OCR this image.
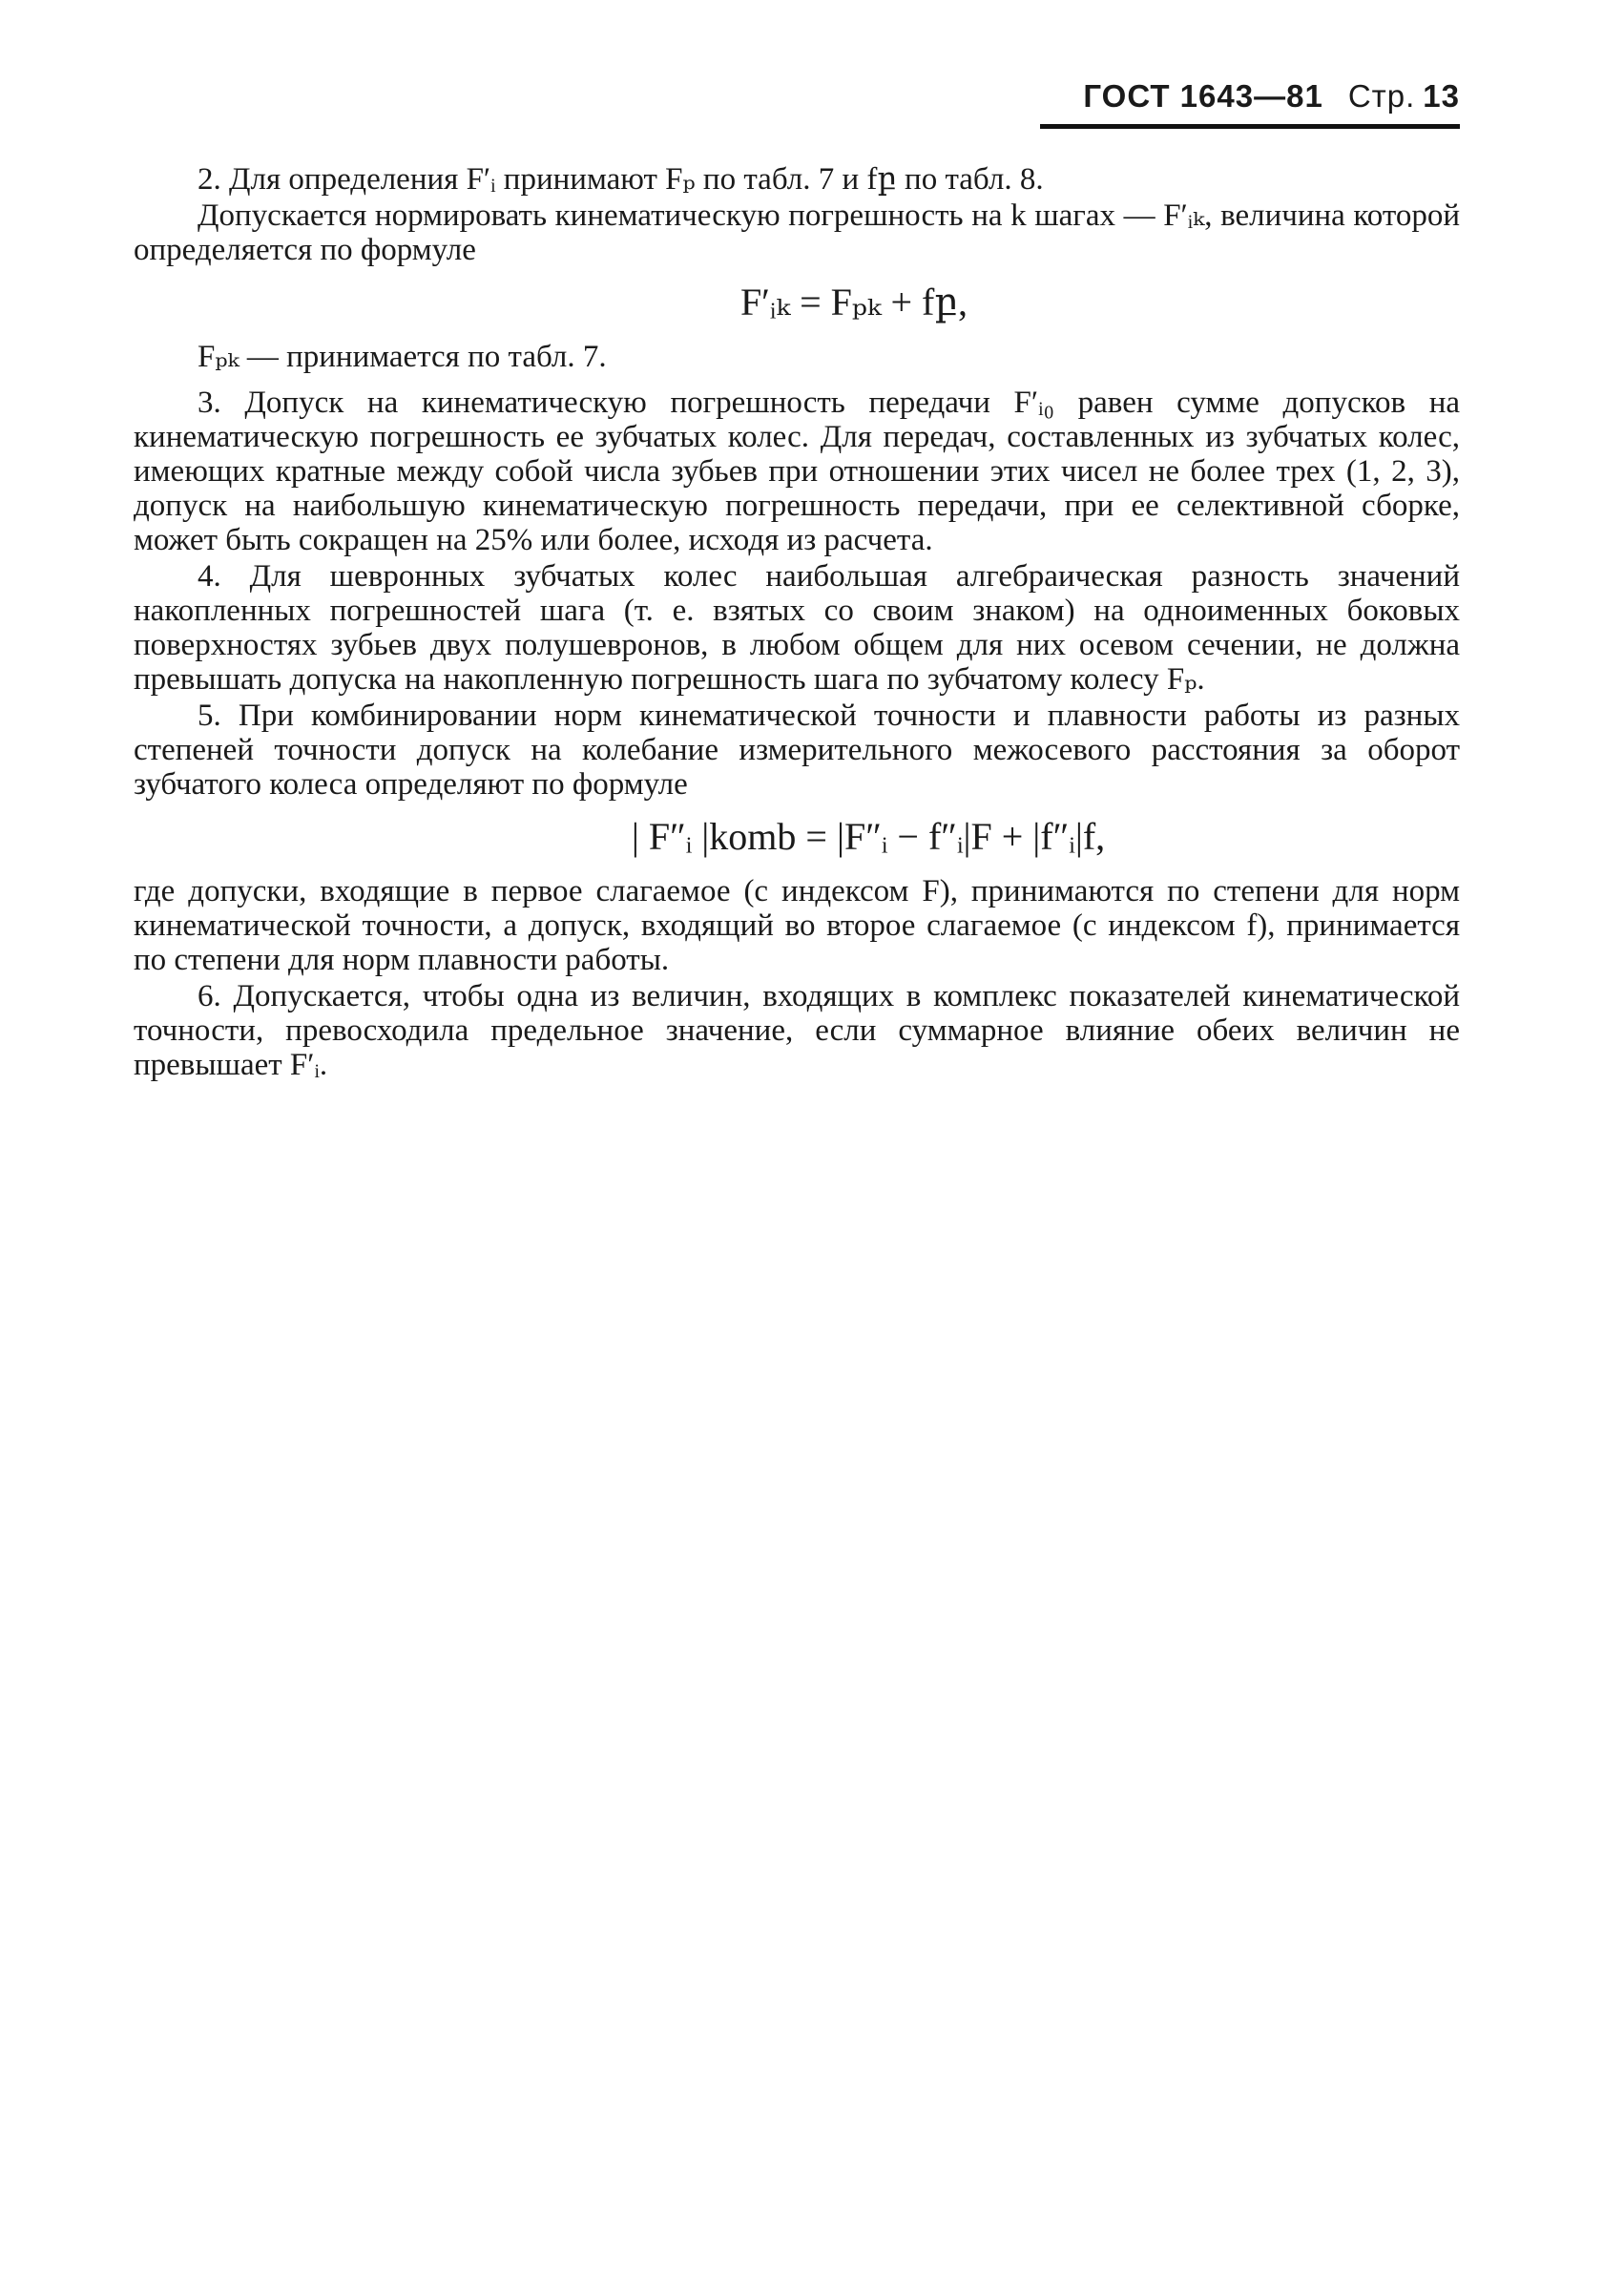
ГОСТ 1643—81 Стр. 13

2. Для определения F′ᵢ принимают Fₚ по табл. 7 и fբ по табл. 8.

Допускается нормировать кинематическую погрешность на k шагах — F′ᵢₖ, величина которой определяется по формуле

F′ᵢₖ = Fₚₖ + fբ,

Fₚₖ — принимается по табл. 7.

3. Допуск на кинематическую погрешность передачи F′ᵢ₀ равен сумме допусков на кинематическую погрешность ее зубчатых колес. Для передач, составленных из зубчатых колес, имеющих кратные между собой числа зубьев при отношении этих чисел не более трех (1, 2, 3), допуск на наибольшую кинематическую погрешность передачи, при ее селективной сборке, может быть сокращен на 25% или более, исходя из расчета.

4. Для шевронных зубчатых колес наибольшая алгебраическая разность значений накопленных погрешностей шага (т. е. взятых со своим знаком) на одноименных боковых поверхностях зубьев двух полушевронов, в любом общем для них осевом сечении, не должна превышать допуска на накопленную погрешность шага по зубчатому колесу Fₚ.

5. При комбинировании норм кинематической точности и плавности работы из разных степеней точности допуск на колебание измерительного межосевого расстояния за оборот зубчатого колеса определяют по формуле

| F″ᵢ |komb = |F″ᵢ − f″ᵢ|F + |f″ᵢ|f,

где допуски, входящие в первое слагаемое (с индексом F), принимаются по степени для норм кинематической точности, а допуск, входящий во второе слагаемое (с индексом f), принимается по степени для норм плавности работы.

6. Допускается, чтобы одна из величин, входящих в комплекс показателей кинематической точности, превосходила предельное значение, если суммарное влияние обеих величин не превышает F′ᵢ.
